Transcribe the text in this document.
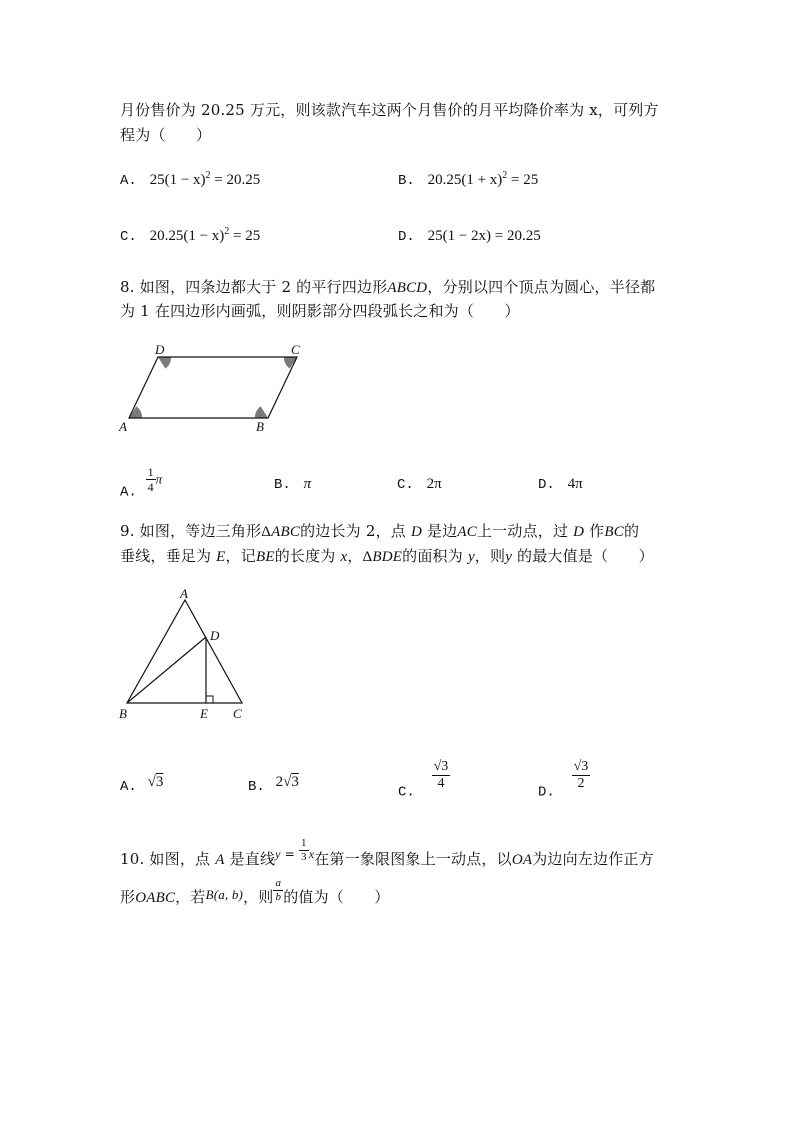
月份售价为 20.25 万元，则该款汽车这两个月售价的月平均降价率为 x，可列方
程为（　　）
A. $25(1 - x)^2 = 20.25$	B. $20.25(1 + x)^2 = 25$
C. $20.25(1 - x)^2 = 25$	D. 25(1 − 2x) = 20.25
8. 如图，四条边都大于 2 的平行四边形ABCD，分别以四个顶点为圆心，半径都
为 1 在四边形内画弧，则阴影部分四段弧长之和为（　　）
A	B
C
D
A. $\frac{1}{4}$ π	B. π	C. 2π	D. 4π
9. 如图，等边三角形ΔABC的边长为 2，点 D 是边AC上一动点，过 D 作BC的
垂线，垂足为 E，记BE的长度为 x，ΔBDE的面积为 y，则y 的最大值是（　　）
A
D
B	E C
A. √3	B. 2√3
C.
$\frac{√3}{4}$
D.
$\frac{√3}{2}$
10. 如图，点 A 是直线$^y$ $^= \frac{1}{3} ^x$在第一象限图象上一动点，以OA为边向左边作正方
形OABC，若B(a, b)，则 $\frac{a}{b}$ 的值为（　　）
